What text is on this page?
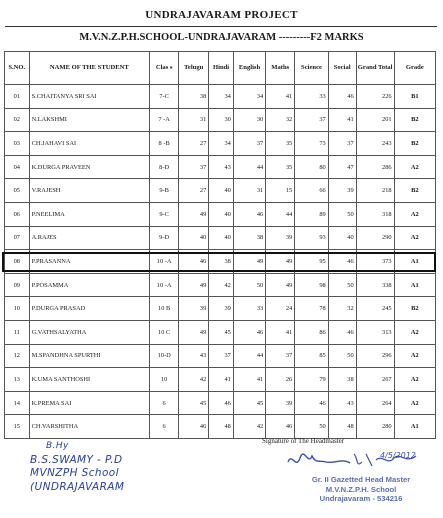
UNDRAJAVARAM PROJECT
M.V.N.Z.P.H.SCHOOL-UNDRAJAVARAM ---------F2 MARKS
S.NO.	NAME OF THE STUDENT	Clas s	Telugu	Hindi	English	Maths	Science	Social	Grand Total	Grade
01	S.CHAITANYA SRI SAI	7-C	38	34	34	41	33	46	226	B1
02	N.LAKSHMI	7 -A	31	30	30	32	37	41	201	B2
03	CH.JAHAVI SAI	8 -B	27	34	37	35	73	37	243	B2
04	K.DURGA PRAVEEN	8-D	37	43	44	35	80	47	286	A2
05	V.RAJESH	9-B	27	40	31	15	66	39	218	B2
06	P.NEELIMA	9-C	49	40	46	44	89	50	318	A2
07	A.RAJES	9-D	40	40	38	39	93	40	290	A2
08	P.PRASANNA	10 -A	46	38	49	49	95	46	373	A1
09	P.POSAMMA	10 -A	49	42	50	49	98	50	338	A1
10	P.DURGA PRASAD	10 B	39	39	33	24	78	32	245	B2
11	G.VATHSALYATHA	10 C	49	45	46	41	86	46	313	A2
12	M.SPANDHNA SPURTHI	10-D	43	37	44	37	85	50	296	A2
13	K.UMA SANTHOSHI	10	42	41	41	26	79	38	267	A2
14	K.PREMA SAI	6	45	46	45	39	46	43	264	A2
15	CH.VARSHITHA	6	46	48	42	46	50	48	280	A1
Signature of The Headmaster
4/5/2012
Gr. II Gazetted Head Master
M.V.N.Z.P.H. School
Undrajavaram - 534216
B.Hy
B.S.SWAMY - P.D
MVNZPH School
(UNDRAJAVARAM
